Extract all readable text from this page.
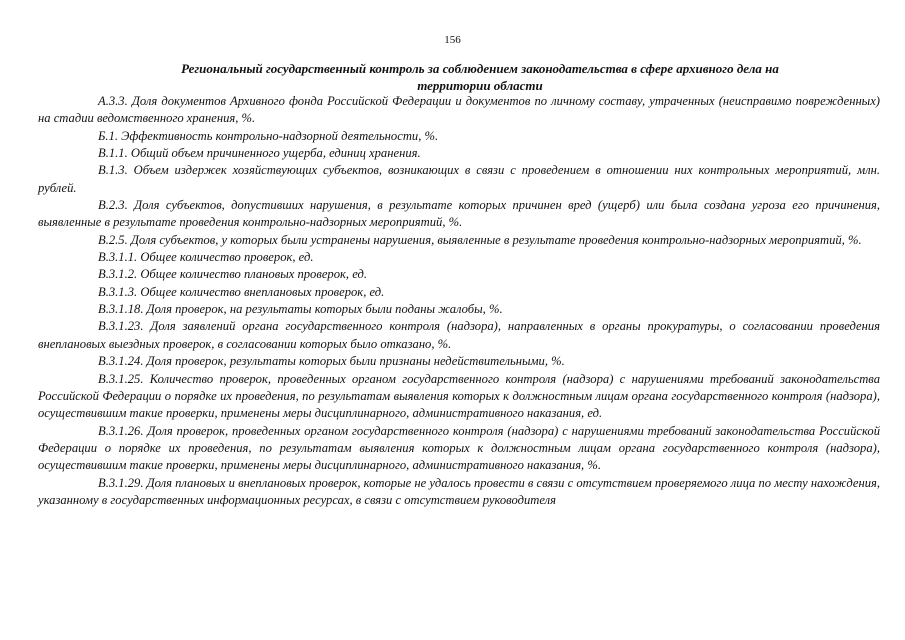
156
Региональный государственный контроль за соблюдением законодательства в сфере архивного дела на территории области

А.3.3. Доля документов Архивного фонда Российской Федерации и документов по личному составу, утраченных (неисправимо поврежденных) на стадии ведомственного хранения, %.

Б.1. Эффективность контрольно-надзорной деятельности, %.

В.1.1. Общий объем причиненного ущерба, единиц хранения.

В.1.3. Объем издержек хозяйствующих субъектов, возникающих в связи с проведением в отношении них контрольных мероприятий, млн. рублей.

В.2.3. Доля субъектов, допустивших нарушения, в результате которых причинен вред (ущерб) или была создана угроза его причинения, выявленные в результате проведения контрольно-надзорных мероприятий, %.

В.2.5. Доля субъектов, у которых были устранены нарушения, выявленные в результате проведения контрольно-надзорных мероприятий, %.

В.3.1.1. Общее количество проверок, ед.

В.3.1.2. Общее количество плановых проверок, ед.

В.3.1.3. Общее количество внеплановых проверок, ед.

В.3.1.18. Доля проверок, на результаты которых были поданы жалобы, %.

В.3.1.23. Доля заявлений органа государственного контроля (надзора), направленных в органы прокуратуры, о согласовании проведения внеплановых выездных проверок, в согласовании которых было отказано, %.

В.3.1.24. Доля проверок, результаты которых были признаны недействительными, %.

В.3.1.25. Количество проверок, проведенных органом государственного контроля (надзора) с нарушениями требований законодательства Российской Федерации о порядке их проведения, по результатам выявления которых к должностным лицам органа государственного контроля (надзора), осуществившим такие проверки, применены меры дисциплинарного, административного наказания, ед.

В.3.1.26. Доля проверок, проведенных органом государственного контроля (надзора) с нарушениями требований законодательства Российской Федерации о порядке их проведения, по результатам выявления которых к должностным лицам органа государственного контроля (надзора), осуществившим такие проверки, применены меры дисциплинарного, административного наказания, %.

В.3.1.29. Доля плановых и внеплановых проверок, которые не удалось провести в связи с отсутствием проверяемого лица по месту нахождения, указанному в государственных информационных ресурсах, в связи с отсутствием руководителя
